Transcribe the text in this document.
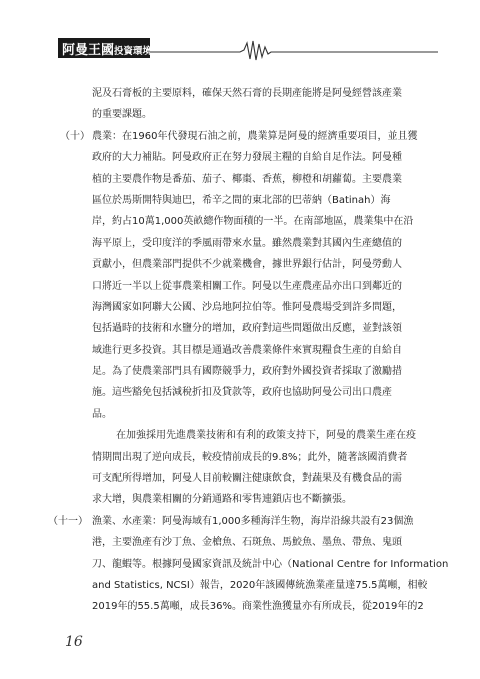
阿曼王國投資環境簡介
泥及石膏板的主要原料，確保天然石膏的長期產能將是阿曼經營該產業
的重要課題。
（十） 農業：在1960年代發現石油之前，農業算是阿曼的經濟重要項目，並且獲
政府的大力補貼。阿曼政府正在努力發展主糧的自給自足作法。阿曼種
植的主要農作物是番茄、茄子、椰棗、香蕉，柳橙和胡蘿蔔。主要農業
區位於馬斯開特與迪巴，希辛之間的東北部的巴蒂納（Batinah）海
岸，約占10萬1,000英畝總作物面積的一半。在南部地區，農業集中在沿
海平原上，受印度洋的季風雨帶來水量。雖然農業對其國內生產總值的
貢獻小，但農業部門提供不少就業機會，據世界銀行估計，阿曼勞動人
口將近一半以上從事農業相關工作。阿曼以生產農產品亦出口到鄰近的
海灣國家如阿聯大公國、沙烏地阿拉伯等。惟阿曼農場受到許多問題，
包括過時的技術和水鹽分的增加，政府對這些問題做出反應，並對該領
域進行更多投資。其目標是通過改善農業條件來實現糧食生產的自給自
足。為了使農業部門具有國際競爭力，政府對外國投資者採取了激勵措
施。這些豁免包括減稅折扣及貸款等，政府也協助阿曼公司出口農產
品。
在加強採用先進農業技術和有利的政策支持下，阿曼的農業生產在疫
情期間出現了逆向成長，較疫情前成長的9.8%；此外，隨著該國消費者
可支配所得增加，阿曼人目前較關注健康飲食，對蔬果及有機食品的需
求大增，與農業相關的分銷通路和零售連鎖店也不斷擴張。
（十一） 漁業、水產業：阿曼海域有1,000多種海洋生物，海岸沿線共設有23個漁
港，主要漁產有沙丁魚、金槍魚、石斑魚、馬鮫魚、墨魚、帶魚、鬼頭
刀、龍蝦等。根據阿曼國家資訊及統計中心（National Centre for Information
and Statistics, NCSI）報告，2020年該國傳統漁業產量達75.5萬噸，相較
2019年的55.5萬噸，成長36%。商業性漁獲量亦有所成長，從2019年的2
16
